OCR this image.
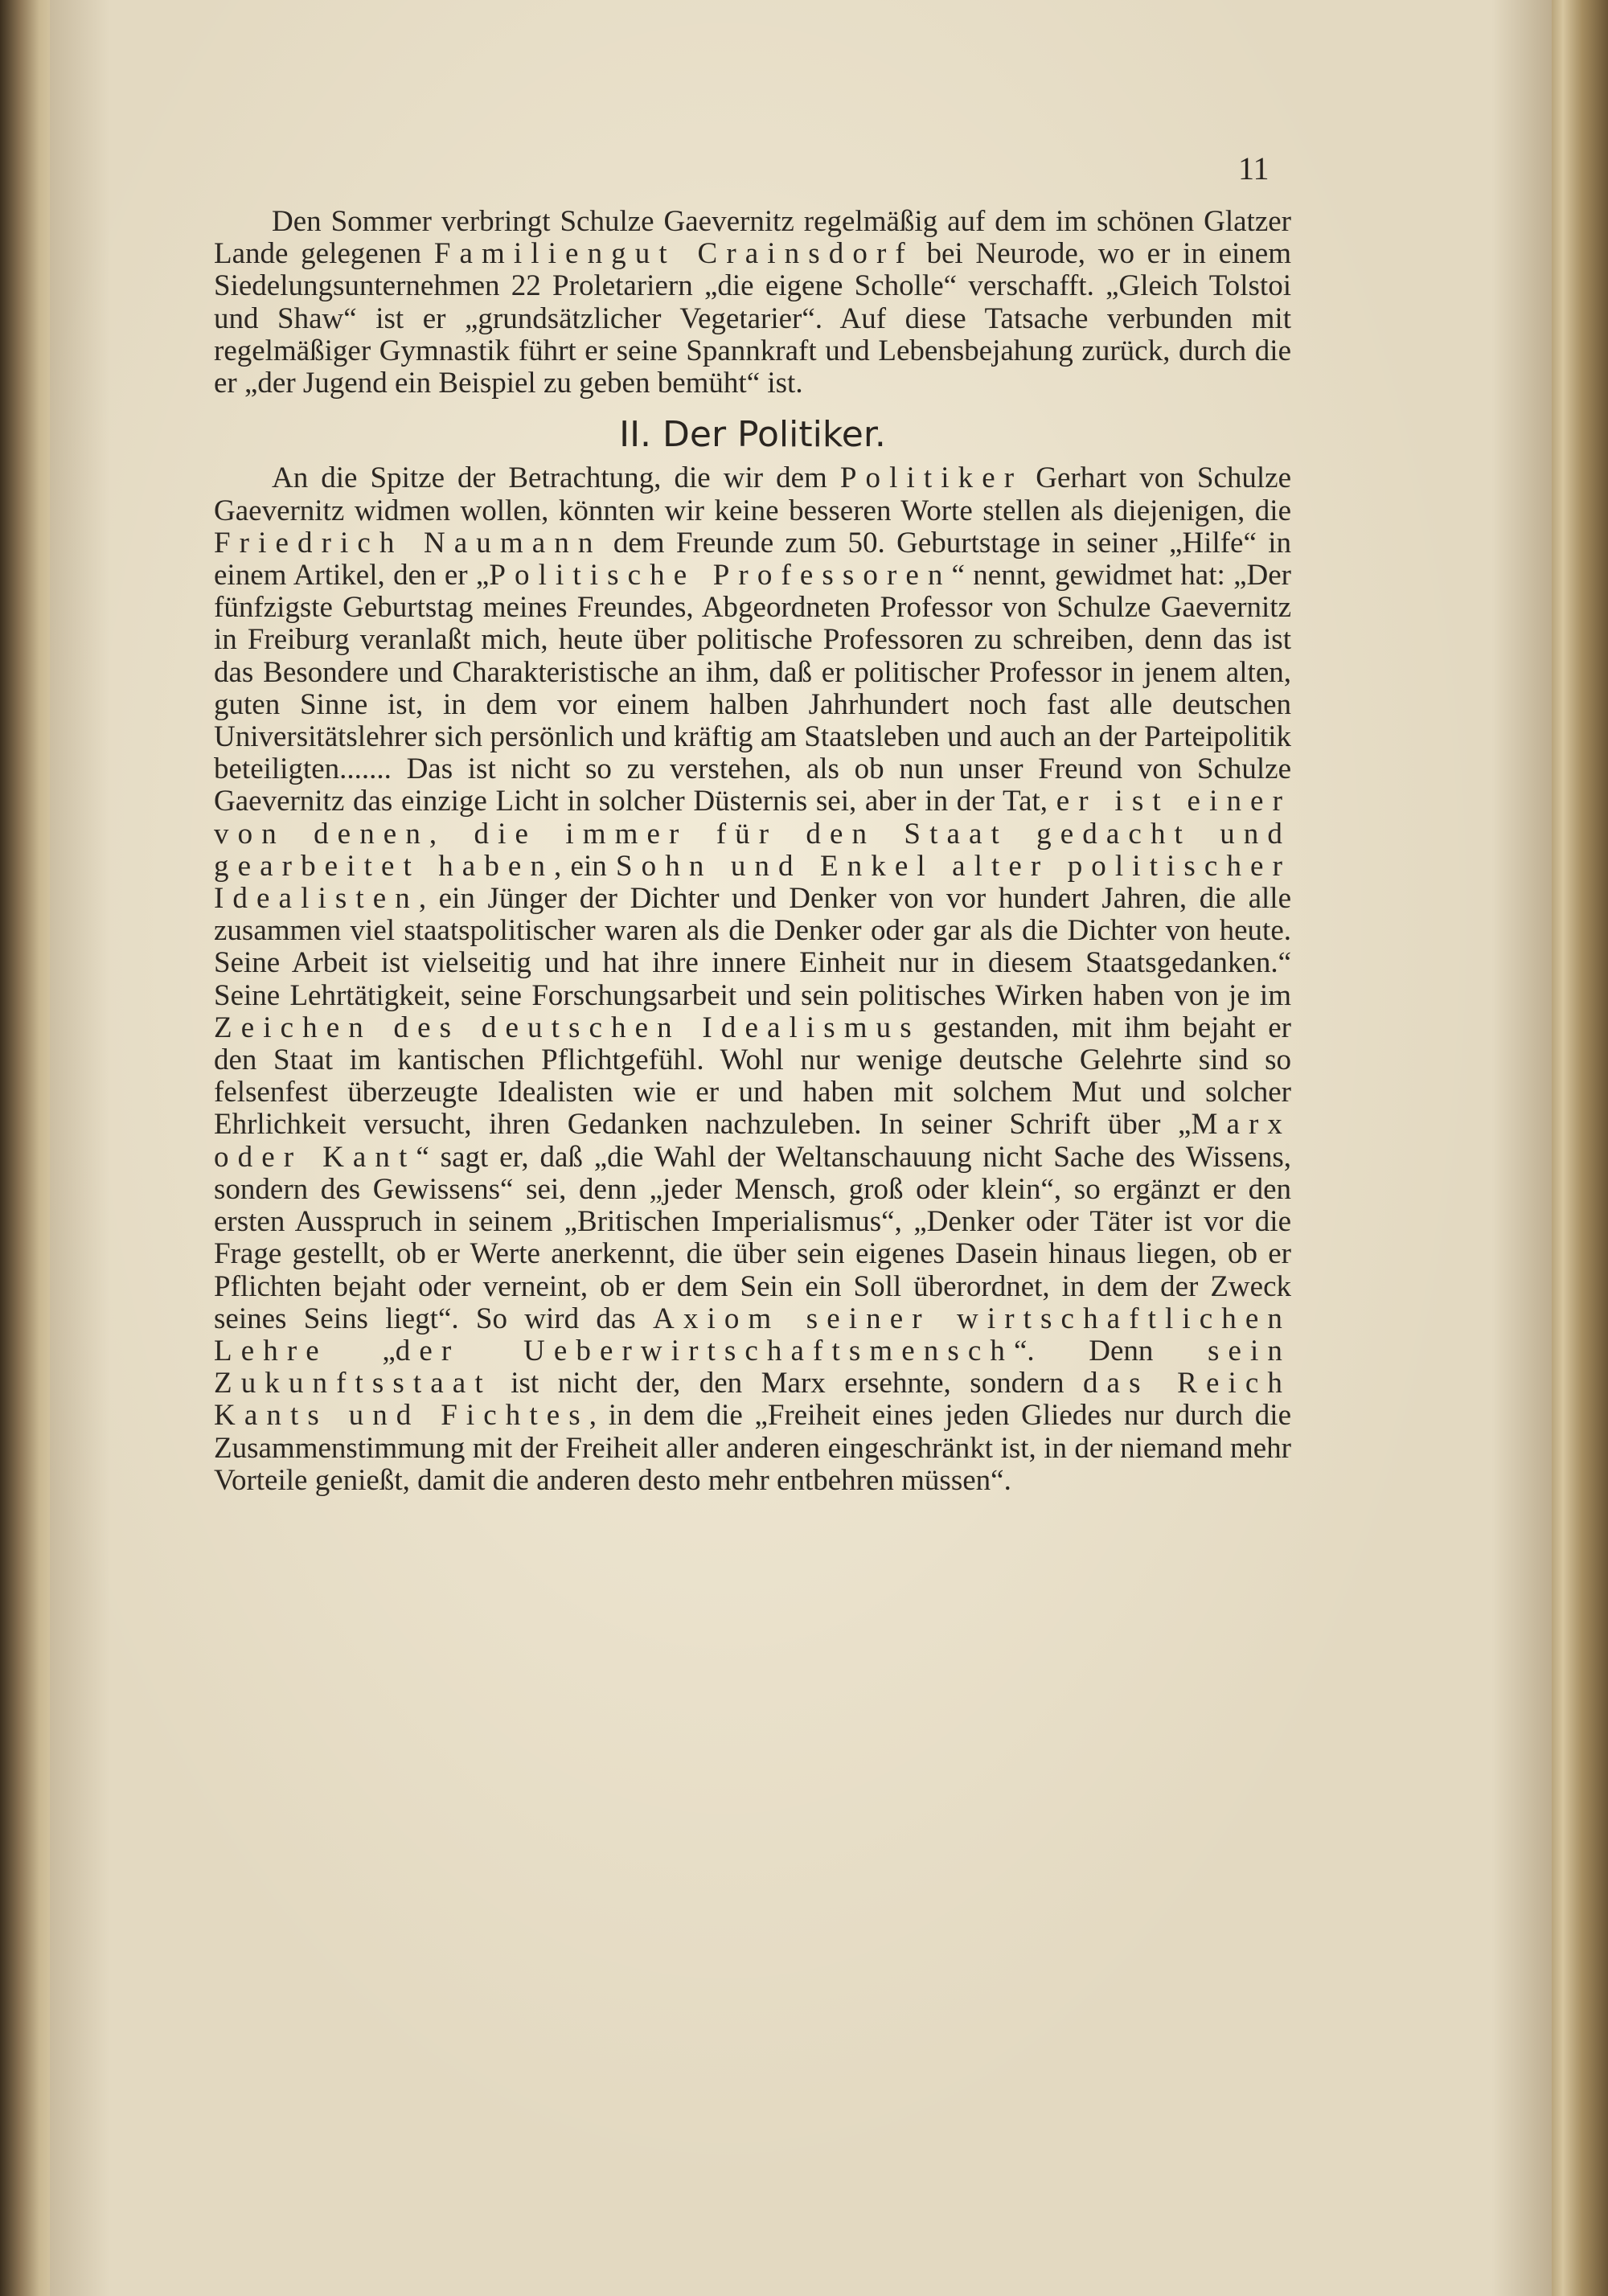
11

Den Sommer verbringt Schulze Gaevernitz regelmäßig auf dem im schönen Glatzer Lande gelegenen Familiengut Crainsdorf bei Neurode, wo er in einem Siedelungsunternehmen 22 Proletariern „die eigene Scholle“ verschafft. „Gleich Tolstoi und Shaw“ ist er „grundsätzlicher Vegetarier“. Auf diese Tatsache verbunden mit regelmäßiger Gymnastik führt er seine Spannkraft und Lebensbejahung zurück, durch die er „der Jugend ein Beispiel zu geben bemüht“ ist.

II. Der Politiker.

An die Spitze der Betrachtung, die wir dem Politiker Gerhart von Schulze Gaevernitz widmen wollen, könnten wir keine besseren Worte stellen als diejenigen, die Friedrich Naumann dem Freunde zum 50. Geburtstage in seiner „Hilfe“ in einem Artikel, den er „Politische Professoren“ nennt, gewidmet hat: „Der fünfzigste Geburtstag meines Freundes, Abgeordneten Professor von Schulze Gaevernitz in Freiburg veranlaßt mich, heute über politische Professoren zu schreiben, denn das ist das Besondere und Charakteristische an ihm, daß er politischer Professor in jenem alten, guten Sinne ist, in dem vor einem halben Jahrhundert noch fast alle deutschen Universitätslehrer sich persönlich und kräftig am Staatsleben und auch an der Parteipolitik beteiligten....... Das ist nicht so zu verstehen, als ob nun unser Freund von Schulze Gaevernitz das einzige Licht in solcher Düsternis sei, aber in der Tat, er ist einer von denen, die immer für den Staat gedacht und gearbeitet haben, ein Sohn und Enkel alter politischer Idealisten, ein Jünger der Dichter und Denker von vor hundert Jahren, die alle zusammen viel staatspolitischer waren als die Denker oder gar als die Dichter von heute. Seine Arbeit ist vielseitig und hat ihre innere Einheit nur in diesem Staatsgedanken.“ Seine Lehrtätigkeit, seine Forschungsarbeit und sein politisches Wirken haben von je im Zeichen des deutschen Idealismus gestanden, mit ihm bejaht er den Staat im kantischen Pflichtgefühl. Wohl nur wenige deutsche Gelehrte sind so felsenfest überzeugte Idealisten wie er und haben mit solchem Mut und solcher Ehrlichkeit versucht, ihren Gedanken nachzuleben. In seiner Schrift über „Marx oder Kant“ sagt er, daß „die Wahl der Weltanschauung nicht Sache des Wissens, sondern des Gewissens“ sei, denn „jeder Mensch, groß oder klein“, so ergänzt er den ersten Ausspruch in seinem „Britischen Imperialismus“, „Denker oder Täter ist vor die Frage gestellt, ob er Werte anerkennt, die über sein eigenes Dasein hinaus liegen, ob er Pflichten bejaht oder verneint, ob er dem Sein ein Soll überordnet, in dem der Zweck seines Seins liegt“. So wird das Axiom seiner wirtschaftlichen Lehre „der Ueberwirtschaftsmensch“. Denn sein Zukunftsstaat ist nicht der, den Marx ersehnte, sondern das Reich Kants und Fichtes, in dem die „Freiheit eines jeden Gliedes nur durch die Zusammenstimmung mit der Freiheit aller anderen eingeschränkt ist, in der niemand mehr Vorteile genießt, damit die anderen desto mehr entbehren müssen“.
